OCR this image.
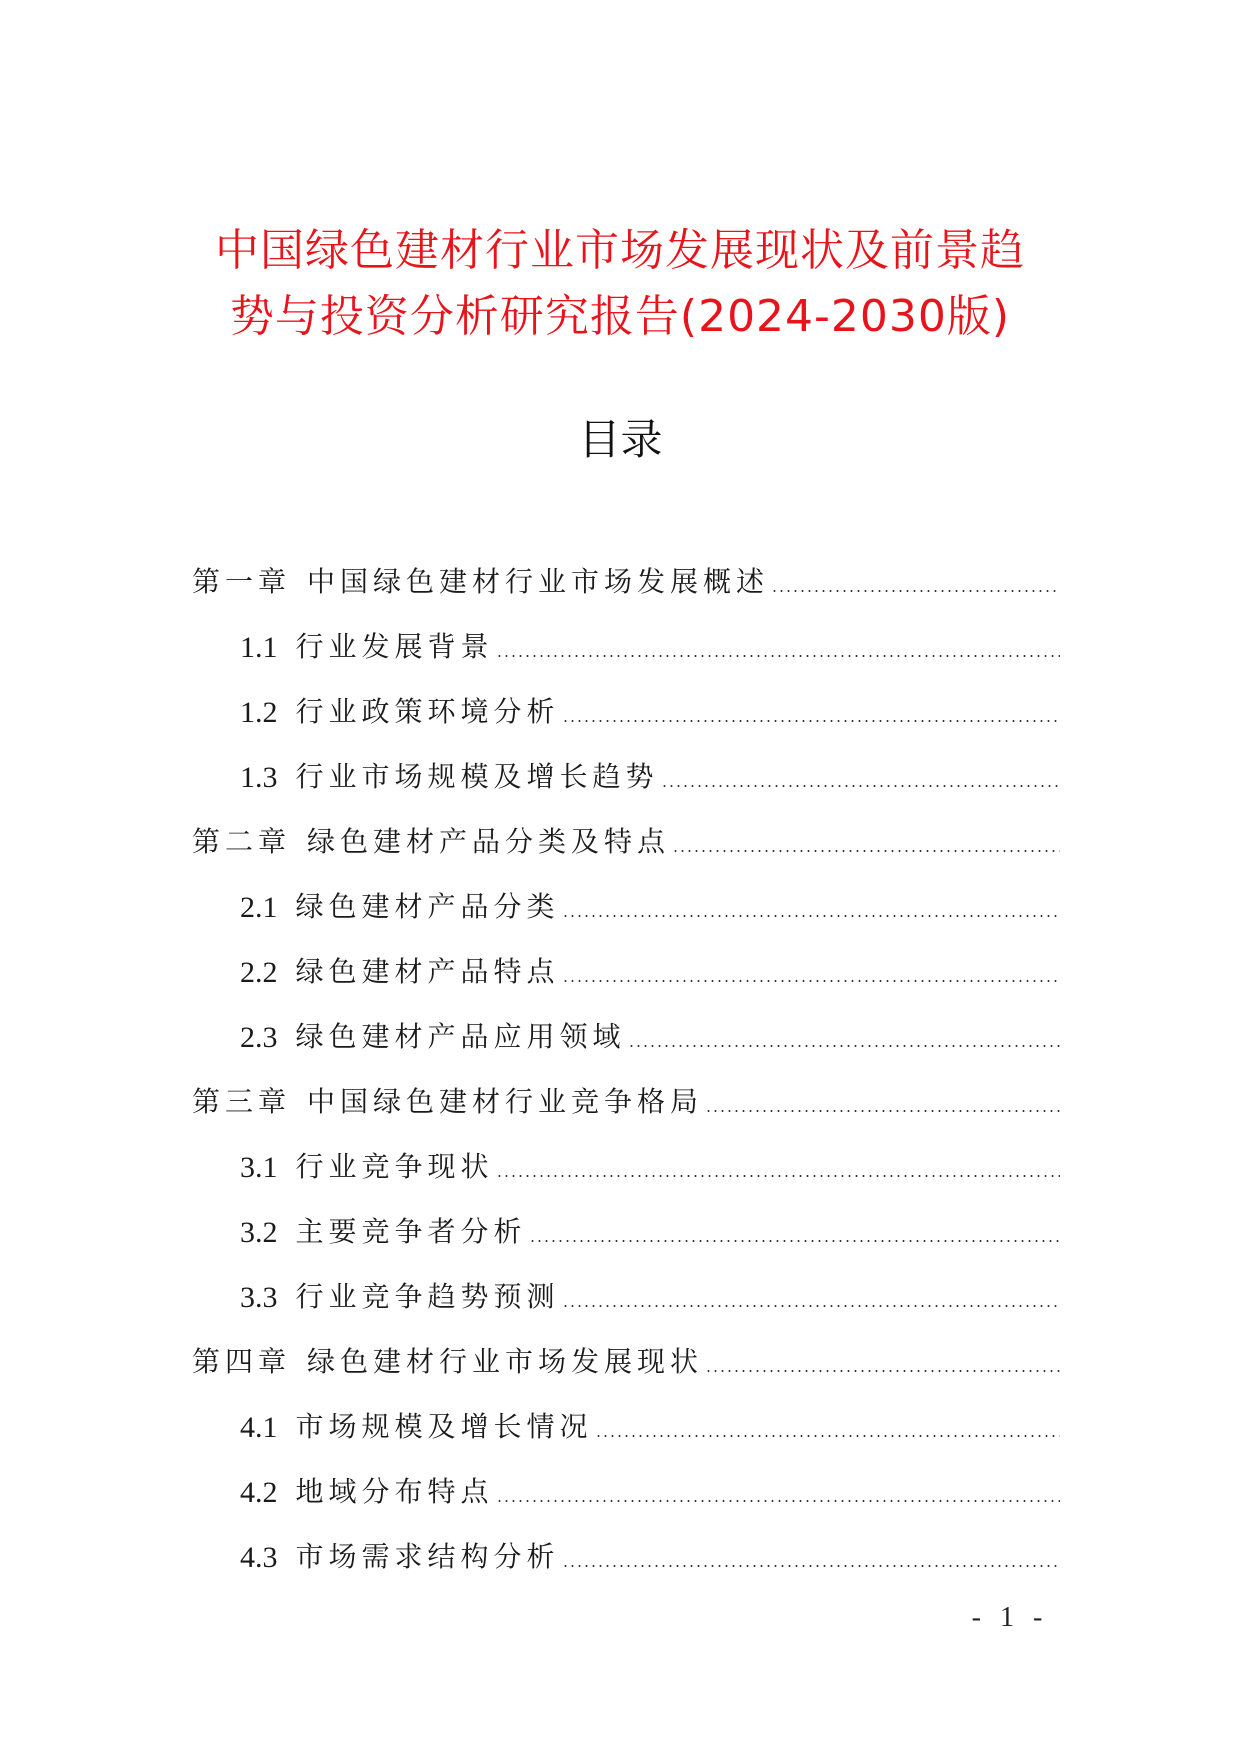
中国绿色建材行业市场发展现状及前景趋
势与投资分析研究报告(2024-2030版)
目录
第一章 中国绿色建材行业市场发展概述
1.1 行业发展背景
1.2 行业政策环境分析
1.3 行业市场规模及增长趋势
第二章 绿色建材产品分类及特点
2.1 绿色建材产品分类
2.2 绿色建材产品特点
2.3 绿色建材产品应用领域
第三章 中国绿色建材行业竞争格局
3.1 行业竞争现状
3.2 主要竞争者分析
3.3 行业竞争趋势预测
第四章 绿色建材行业市场发展现状
4.1 市场规模及增长情况
4.2 地域分布特点
4.3 市场需求结构分析
- 1 -
